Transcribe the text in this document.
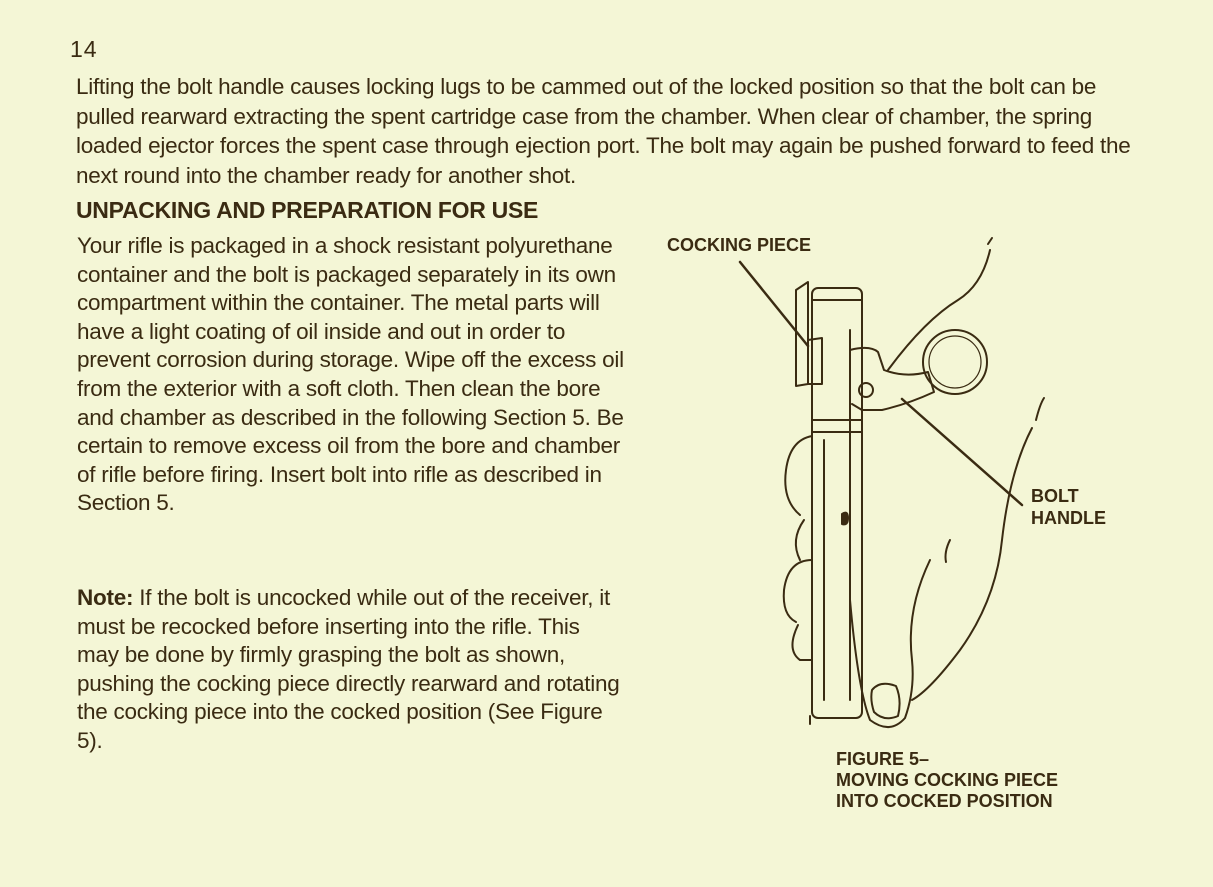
14

Lifting the bolt handle causes locking lugs to be cammed out of the locked position so that the bolt can be pulled rearward extracting the spent cartridge case from the chamber. When clear of chamber, the spring loaded ejector forces the spent case through ejection port. The bolt may again be pushed forward to feed the next round into the chamber ready for another shot.

UNPACKING AND PREPARATION FOR USE

Your rifle is packaged in a shock resistant polyurethane container and the bolt is packaged separately in its own compartment within the container. The metal parts will have a light coating of oil inside and out in order to prevent corrosion during storage. Wipe off the excess oil from the exterior with a soft cloth. Then clean the bore and chamber as described in the following Section 5. Be certain to remove excess oil from the bore and chamber of rifle before firing. Insert bolt into rifle as described in Section 5.

Note: If the bolt is uncocked while out of the receiver, it must be recocked before inserting into the rifle. This may be done by firmly grasping the bolt as shown, pushing the cocking piece directly rearward and rotating the cocking piece into the cocked position (See Figure 5).

COCKING PIECE
BOLT
HANDLE
FIGURE 5–
MOVING COCKING PIECE
INTO COCKED POSITION
